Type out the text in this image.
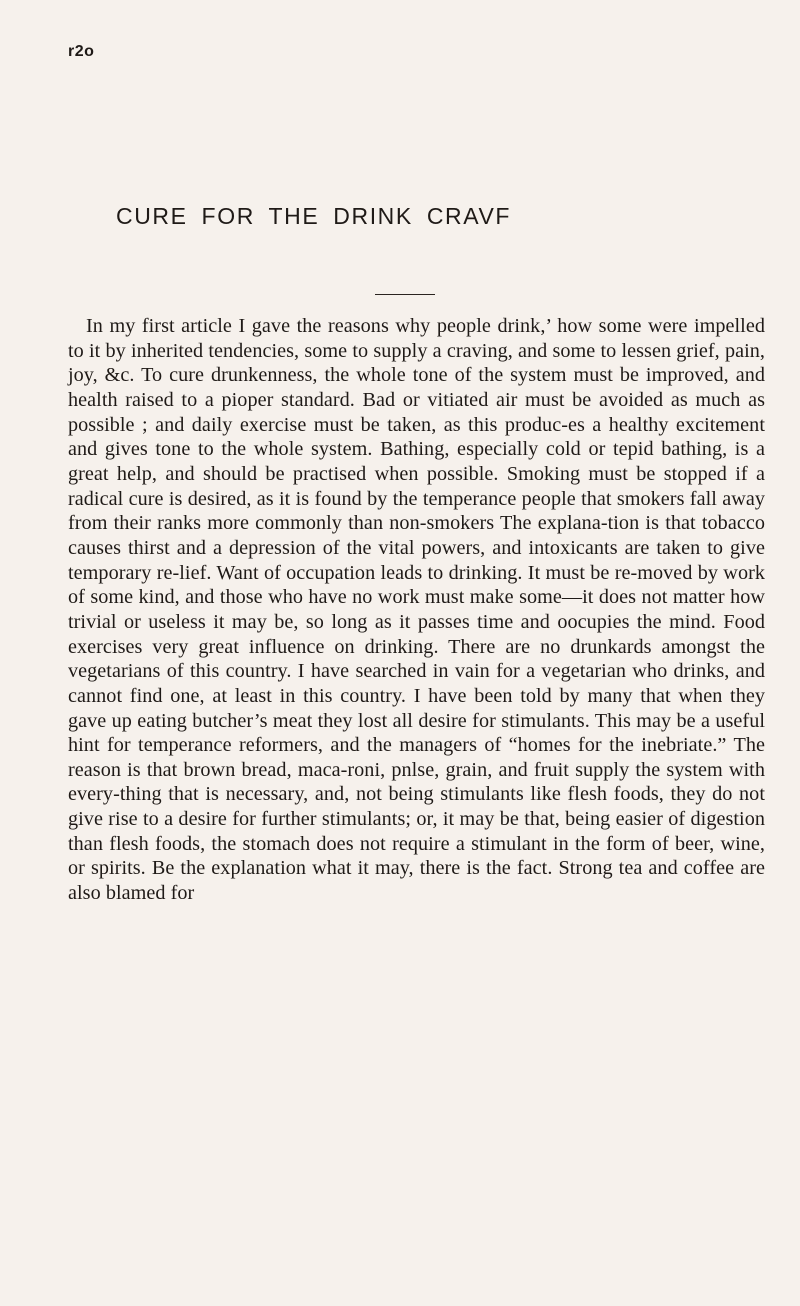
r2o
CURE FOR THE DRINK CRAVF

In my first article I gave the reasons why people drink,’ how some were impelled to it by inherited tendencies, some to supply a craving, and some to lessen grief, pain, joy, &c. To cure drunkenness, the whole tone of the system must be improved, and health raised to a pioper standard. Bad or vitiated air must be avoided as much as possible ; and daily exercise must be taken, as this produc-es a healthy excitement and gives tone to the whole system. Bathing, especially cold or tepid bathing, is a great help, and should be practised when possible. Smoking must be stopped if a radical cure is desired, as it is found by the temperance people that smokers fall away from their ranks more commonly than non-smokers The explana-tion is that tobacco causes thirst and a depression of the vital powers, and intoxicants are taken to give temporary re-lief. Want of occupation leads to drinking. It must be re-moved by work of some kind, and those who have no work must make some—it does not matter how trivial or useless it may be, so long as it passes time and oocupies the mind. Food exercises very great influence on drinking. There are no drunkards amongst the vegetarians of this country. I have searched in vain for a vegetarian who drinks, and cannot find one, at least in this country. I have been told by many that when they gave up eating butcher’s meat they lost all desire for stimulants. This may be a useful hint for temperance reformers, and the managers of “homes for the inebriate.” The reason is that brown bread, maca-roni, pnlse, grain, and fruit supply the system with every-thing that is necessary, and, not being stimulants like flesh foods, they do not give rise to a desire for further stimulants; or, it may be that, being easier of digestion than flesh foods, the stomach does not require a stimulant in the form of beer, wine, or spirits. Be the explanation what it may, there is the fact. Strong tea and coffee are also blamed for
